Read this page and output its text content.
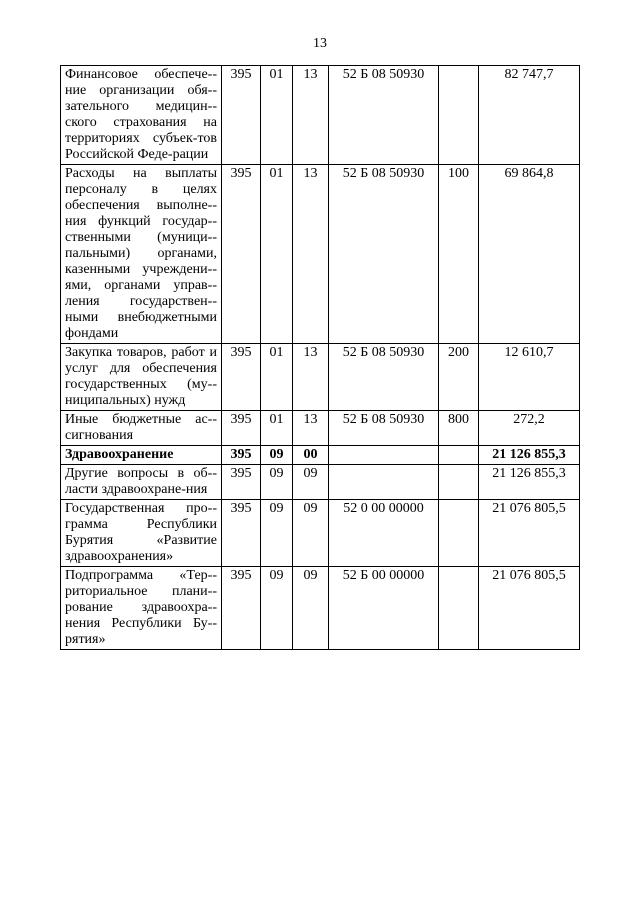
13
Финансовое обеспече-ние организации обя-зательного медицин-ского страхования на территориях субъек-тов Российской Феде-рации	395	01	13	52 Б 08 50930		82 747,7
Расходы на выплаты персоналу в целях обеспечения выполне-ния функций государ-ственными (муници-пальными) органами, казенными учреждени-ями, органами управ-ления государствен-ными внебюджетными фондами	395	01	13	52 Б 08 50930	100	69 864,8
Закупка товаров, работ и услуг для обеспечения государственных (му-ниципальных) нужд	395	01	13	52 Б 08 50930	200	12 610,7
Иные бюджетные ас-сигнования	395	01	13	52 Б 08 50930	800	272,2
Здравоохранение	395	09	00			21 126 855,3
Другие вопросы в об-ласти здравоохране-ния	395	09	09			21 126 855,3
Государственная про-грамма Республики Бурятия «Развитие здравоохранения»	395	09	09	52 0 00 00000		21 076 805,5
Подпрограмма «Тер-риториальное плани-рование здравоохра-нения Республики Бу-рятия»	395	09	09	52 Б 00 00000		21 076 805,5
